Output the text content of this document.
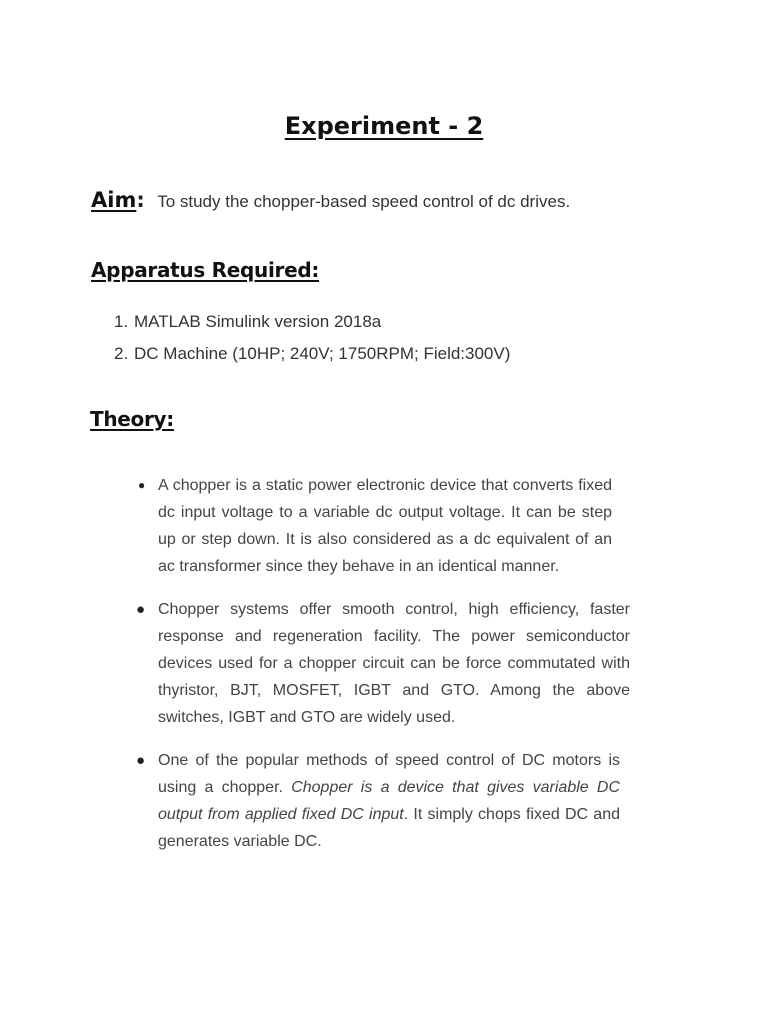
Experiment - 2
Aim: To study the chopper-based speed control of dc drives.
Apparatus Required:
1. MATLAB Simulink version 2018a
2. DC Machine (10HP; 240V; 1750RPM; Field:300V)
Theory:

● A chopper is a static power electronic device that converts fixed dc input voltage to a variable dc output voltage. It can be step up or step down. It is also considered as a dc equivalent of an ac transformer since they behave in an identical manner.

● Chopper systems offer smooth control, high efficiency, faster response and regeneration facility. The power semiconductor devices used for a chopper circuit can be force commutated with thyristor, BJT, MOSFET, IGBT and GTO. Among the above switches, IGBT and GTO are widely used.

● One of the popular methods of speed control of DC motors is using a chopper. Chopper is a device that gives variable DC output from applied fixed DC input. It simply chops fixed DC and generates variable DC.
